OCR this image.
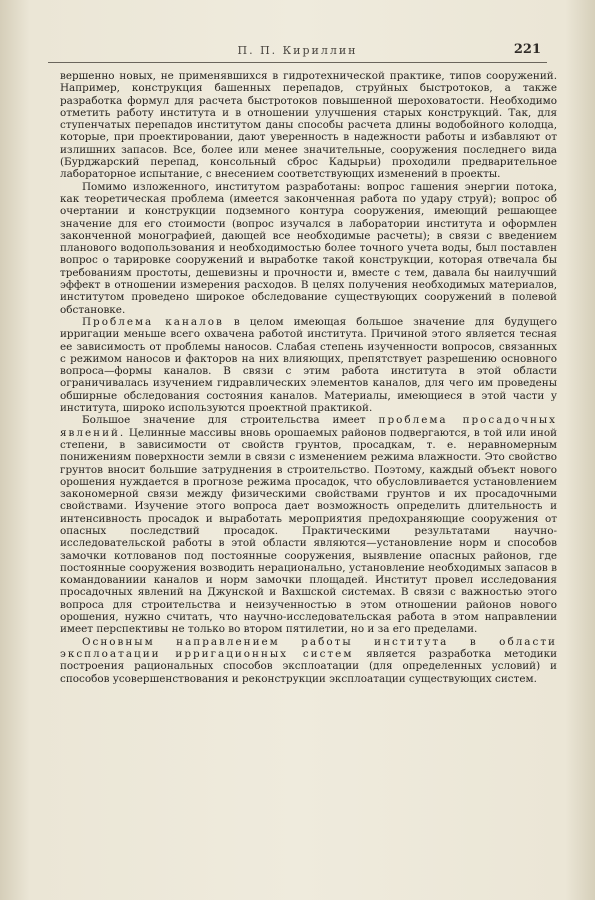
П. П. Кириллин	221

вершенно новых, не применявшихся в гидротехнической практике, типов сооружений. Например, конструкция башенных перепадов, струйных быстротоков, а также разработка формул для расчета быстротоков повышенной шероховатости. Необходимо отметить работу института и в отношении улучшения старых конструкций. Так, для ступенчатых перепадов институтом даны способы расчета длины водобойного колодца, которые, при проектировании, дают уверенность в надежности работы и избавляют от излишних запасов. Все, более или менее значительные, сооружения последнего вида (Бурджарский перепад, консольный сброс Кадырьи) проходили предварительное лабораторное испытание, с внесением соответствующих изменений в проекты.

Помимо изложенного, институтом разработаны: вопрос гашения энергии потока, как теоретическая проблема (имеется законченная работа по удару струй); вопрос об очертании и конструкции подземного контура сооружения, имеющий решающее значение для его стоимости (вопрос изучался в лаборатории института и оформлен законченной монографией, дающей все необходимые расчеты); в связи с введением планового водопользования и необходимостью более точного учета воды, был поставлен вопрос о тарировке сооружений и выработке такой конструкции, которая отвечала бы требованиям простоты, дешевизны и прочности и, вместе с тем, давала бы наилучший эффект в отношении измерения расходов. В целях получения необходимых материалов, институтом проведено широкое обследование существующих сооружений в полевой обстановке.

Проблема каналов в целом имеющая большое значение для будущего ирригации меньше всего охвачена работой института. Причиной этого является тесная ее зависимость от проблемы наносов. Слабая степень изученности вопросов, связанных с режимом наносов и факторов на них влияющих, препятствует разрешению основного вопроса—формы каналов. В связи с этим работа института в этой области ограничивалась изучением гидравлических элементов каналов, для чего им проведены обширные обследования состояния каналов. Материалы, имеющиеся в этой части у института, широко используются проектной практикой.

Большое значение для строительства имеет проблема просадочных явлений. Целинные массивы вновь орошаемых районов подвергаются, в той или иной степени, в зависимости от свойств грунтов, просадкам, т. е. неравномерным понижениям поверхности земли в связи с изменением режима влажности. Это свойство грунтов вносит большие затруднения в строительство. Поэтому, каждый объект нового орошения нуждается в прогнозе режима просадок, что обусловливается установлением закономерной связи между физическими свойствами грунтов и их просадочными свойствами. Изучение этого вопроса дает возможность определить длительность и интенсивность просадок и выработать мероприятия предохраняющие сооружения от опасных последствий просадок. Практическими результатами научно-исследовательской работы в этой области являются—установление норм и способов замочки котлованов под постоянные сооружения, выявление опасных районов, где постоянные сооружения возводить нерационально, установление необходимых запасов в командованиии каналов и норм замочки площадей. Институт провел исследования просадочных явлений на Джунской и Вахшской системах. В связи с важностью этого вопроса для строительства и неизученностью в этом отношении районов нового орошения, нужно считать, что научно-исследовательская работа в этом направлении имеет перспективы не только во втором пятилетии, но и за его пределами.

Основным направлением работы института в области эксплоатации ирригационных систем является разработка методики построения рациональных способов эксплоатации (для определенных условий) и способов усовершенствования и реконструкции эксплоатации существующих систем.
